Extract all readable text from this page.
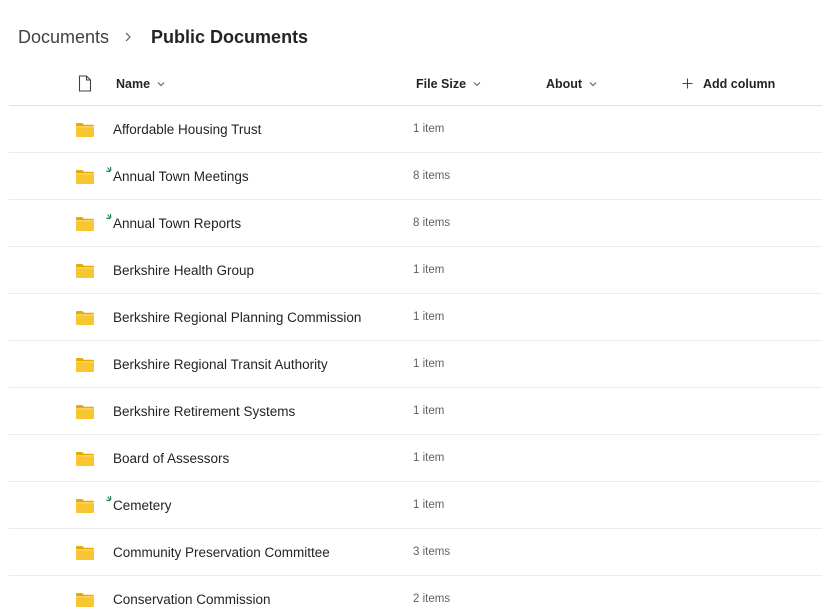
Documents Public Documents
Name	File Size	About	Add column
Affordable Housing Trust	1 item
Annual Town Meetings	8 items
Annual Town Reports	8 items
Berkshire Health Group	1 item
Berkshire Regional Planning Commission	1 item
Berkshire Regional Transit Authority	1 item
Berkshire Retirement Systems	1 item
Board of Assessors	1 item
Cemetery	1 item
Community Preservation Committee	3 items
Conservation Commission	2 items
